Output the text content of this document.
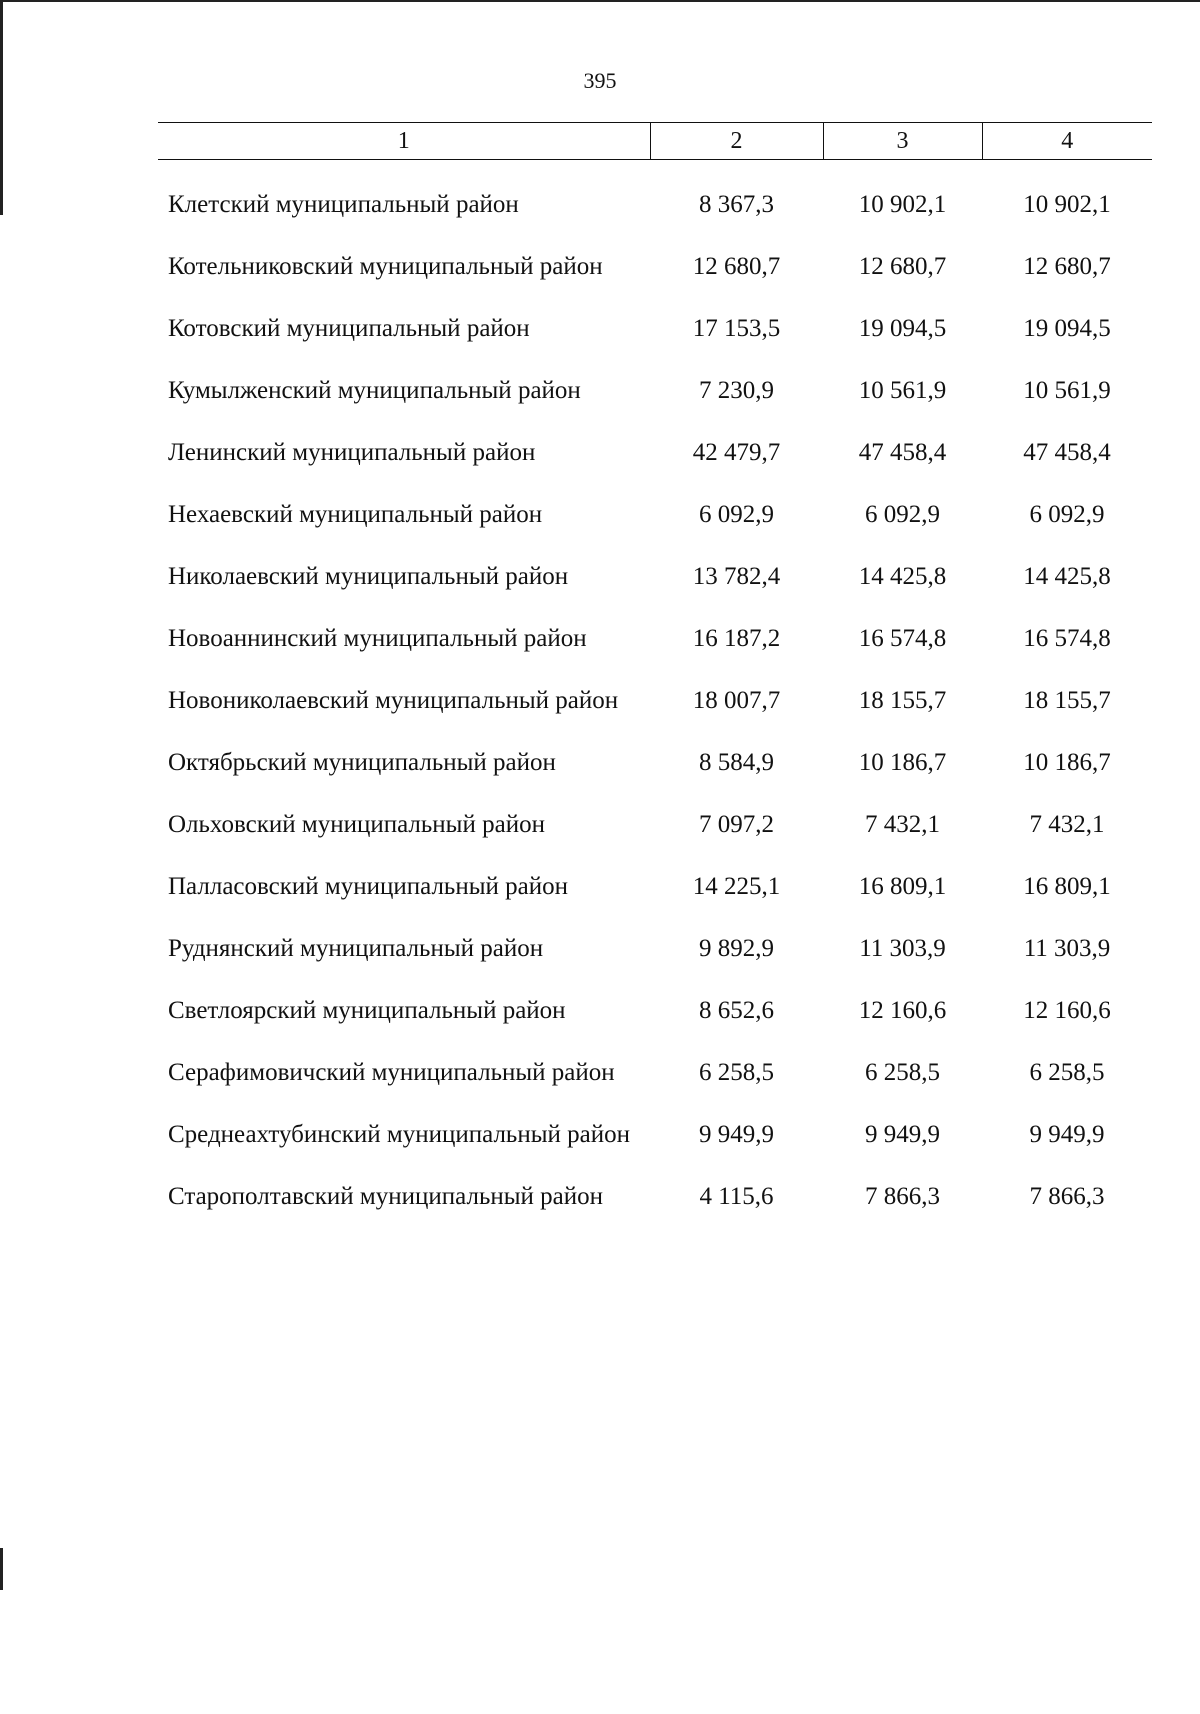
395
1	2	3	4

Клетский муниципальный район	8 367,3	10 902,1	10 902,1
Котельниковский муниципальный район	12 680,7	12 680,7	12 680,7
Котовский муниципальный район	17 153,5	19 094,5	19 094,5
Кумылженский муниципальный район	7 230,9	10 561,9	10 561,9
Ленинский муниципальный район	42 479,7	47 458,4	47 458,4
Нехаевский муниципальный район	6 092,9	6 092,9	6 092,9
Николаевский муниципальный район	13 782,4	14 425,8	14 425,8
Новоаннинский муниципальный район	16 187,2	16 574,8	16 574,8
Новониколаевский муниципальный район	18 007,7	18 155,7	18 155,7
Октябрьский муниципальный район	8 584,9	10 186,7	10 186,7
Ольховский муниципальный район	7 097,2	7 432,1	7 432,1
Палласовский муниципальный район	14 225,1	16 809,1	16 809,1
Руднянский муниципальный район	9 892,9	11 303,9	11 303,9
Светлоярский муниципальный район	8 652,6	12 160,6	12 160,6
Серафимовичский муниципальный район	6 258,5	6 258,5	6 258,5
Среднеахтубинский муниципальный район	9 949,9	9 949,9	9 949,9
Старополтавский муниципальный район	4 115,6	7 866,3	7 866,3
